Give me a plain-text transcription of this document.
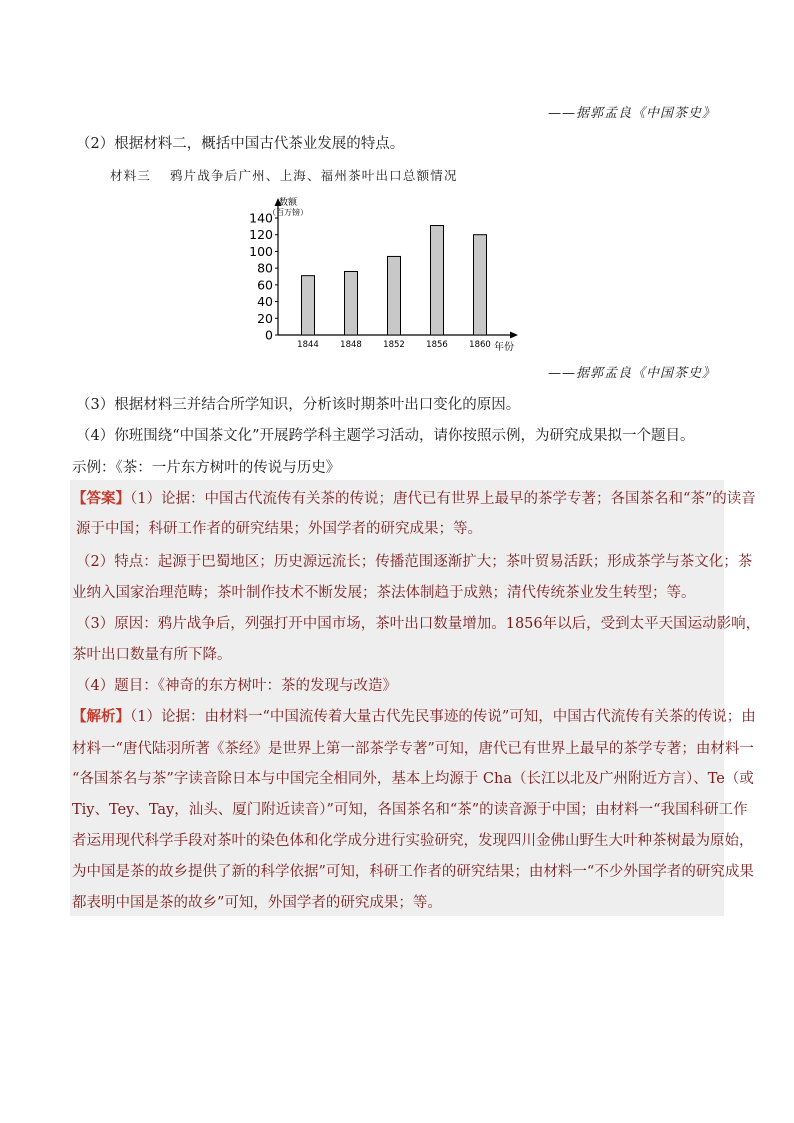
——据郭孟良《中国茶史》
（2）根据材料二，概括中国古代茶业发展的特点。
材料三　 鸦片战争后广州、上海、福州茶叶出口总额情况
0
20
40
60
80
100
120
140
1844	1848	1852	1856	1860
数额
（百万镑）
年份
——据郭孟良《中国茶史》
（3）根据材料三并结合所学知识，分析该时期茶叶出口变化的原因。
（4）你班围绕“中国茶文化”开展跨学科主题学习活动，请你按照示例，为研究成果拟一个题目。
示例：《茶：一片东方树叶的传说与历史》
【答案】（1）论据：中国古代流传有关茶的传说；唐代已有世界上最早的茶学专著；各国茶名和“茶”的读音
源于中国；科研工作者的研究结果；外国学者的研究成果；等。
（2）特点：起源于巴蜀地区；历史源远流长；传播范围逐渐扩大；茶叶贸易活跃；形成茶学与茶文化；茶
业纳入国家治理范畴；茶叶制作技术不断发展；茶法体制趋于成熟；清代传统茶业发生转型；等。
（3）原因：鸦片战争后，列强打开中国市场，茶叶出口数量增加。1856年以后，受到太平天国运动影响，
茶叶出口数量有所下降。
（4）题目：《神奇的东方树叶：茶的发现与改造》
【解析】（1）论据：由材料一“中国流传着大量古代先民事迹的传说”可知，中国古代流传有关茶的传说；由
材料一“唐代陆羽所著《茶经》是世界上第一部茶学专著”可知，唐代已有世界上最早的茶学专著；由材料一
“各国茶名与茶”字读音除日本与中国完全相同外，基本上均源于 Cha（长江以北及广州附近方言）、Te（或
Tiy、Tey、Tay，汕头、厦门附近读音）”可知，各国茶名和“茶”的读音源于中国；由材料一“我国科研工作
者运用现代科学手段对茶叶的染色体和化学成分进行实验研究，发现四川金佛山野生大叶种茶树最为原始，
为中国是茶的故乡提供了新的科学依据”可知，科研工作者的研究结果；由材料一“不少外国学者的研究成果
都表明中国是茶的故乡”可知，外国学者的研究成果；等。
